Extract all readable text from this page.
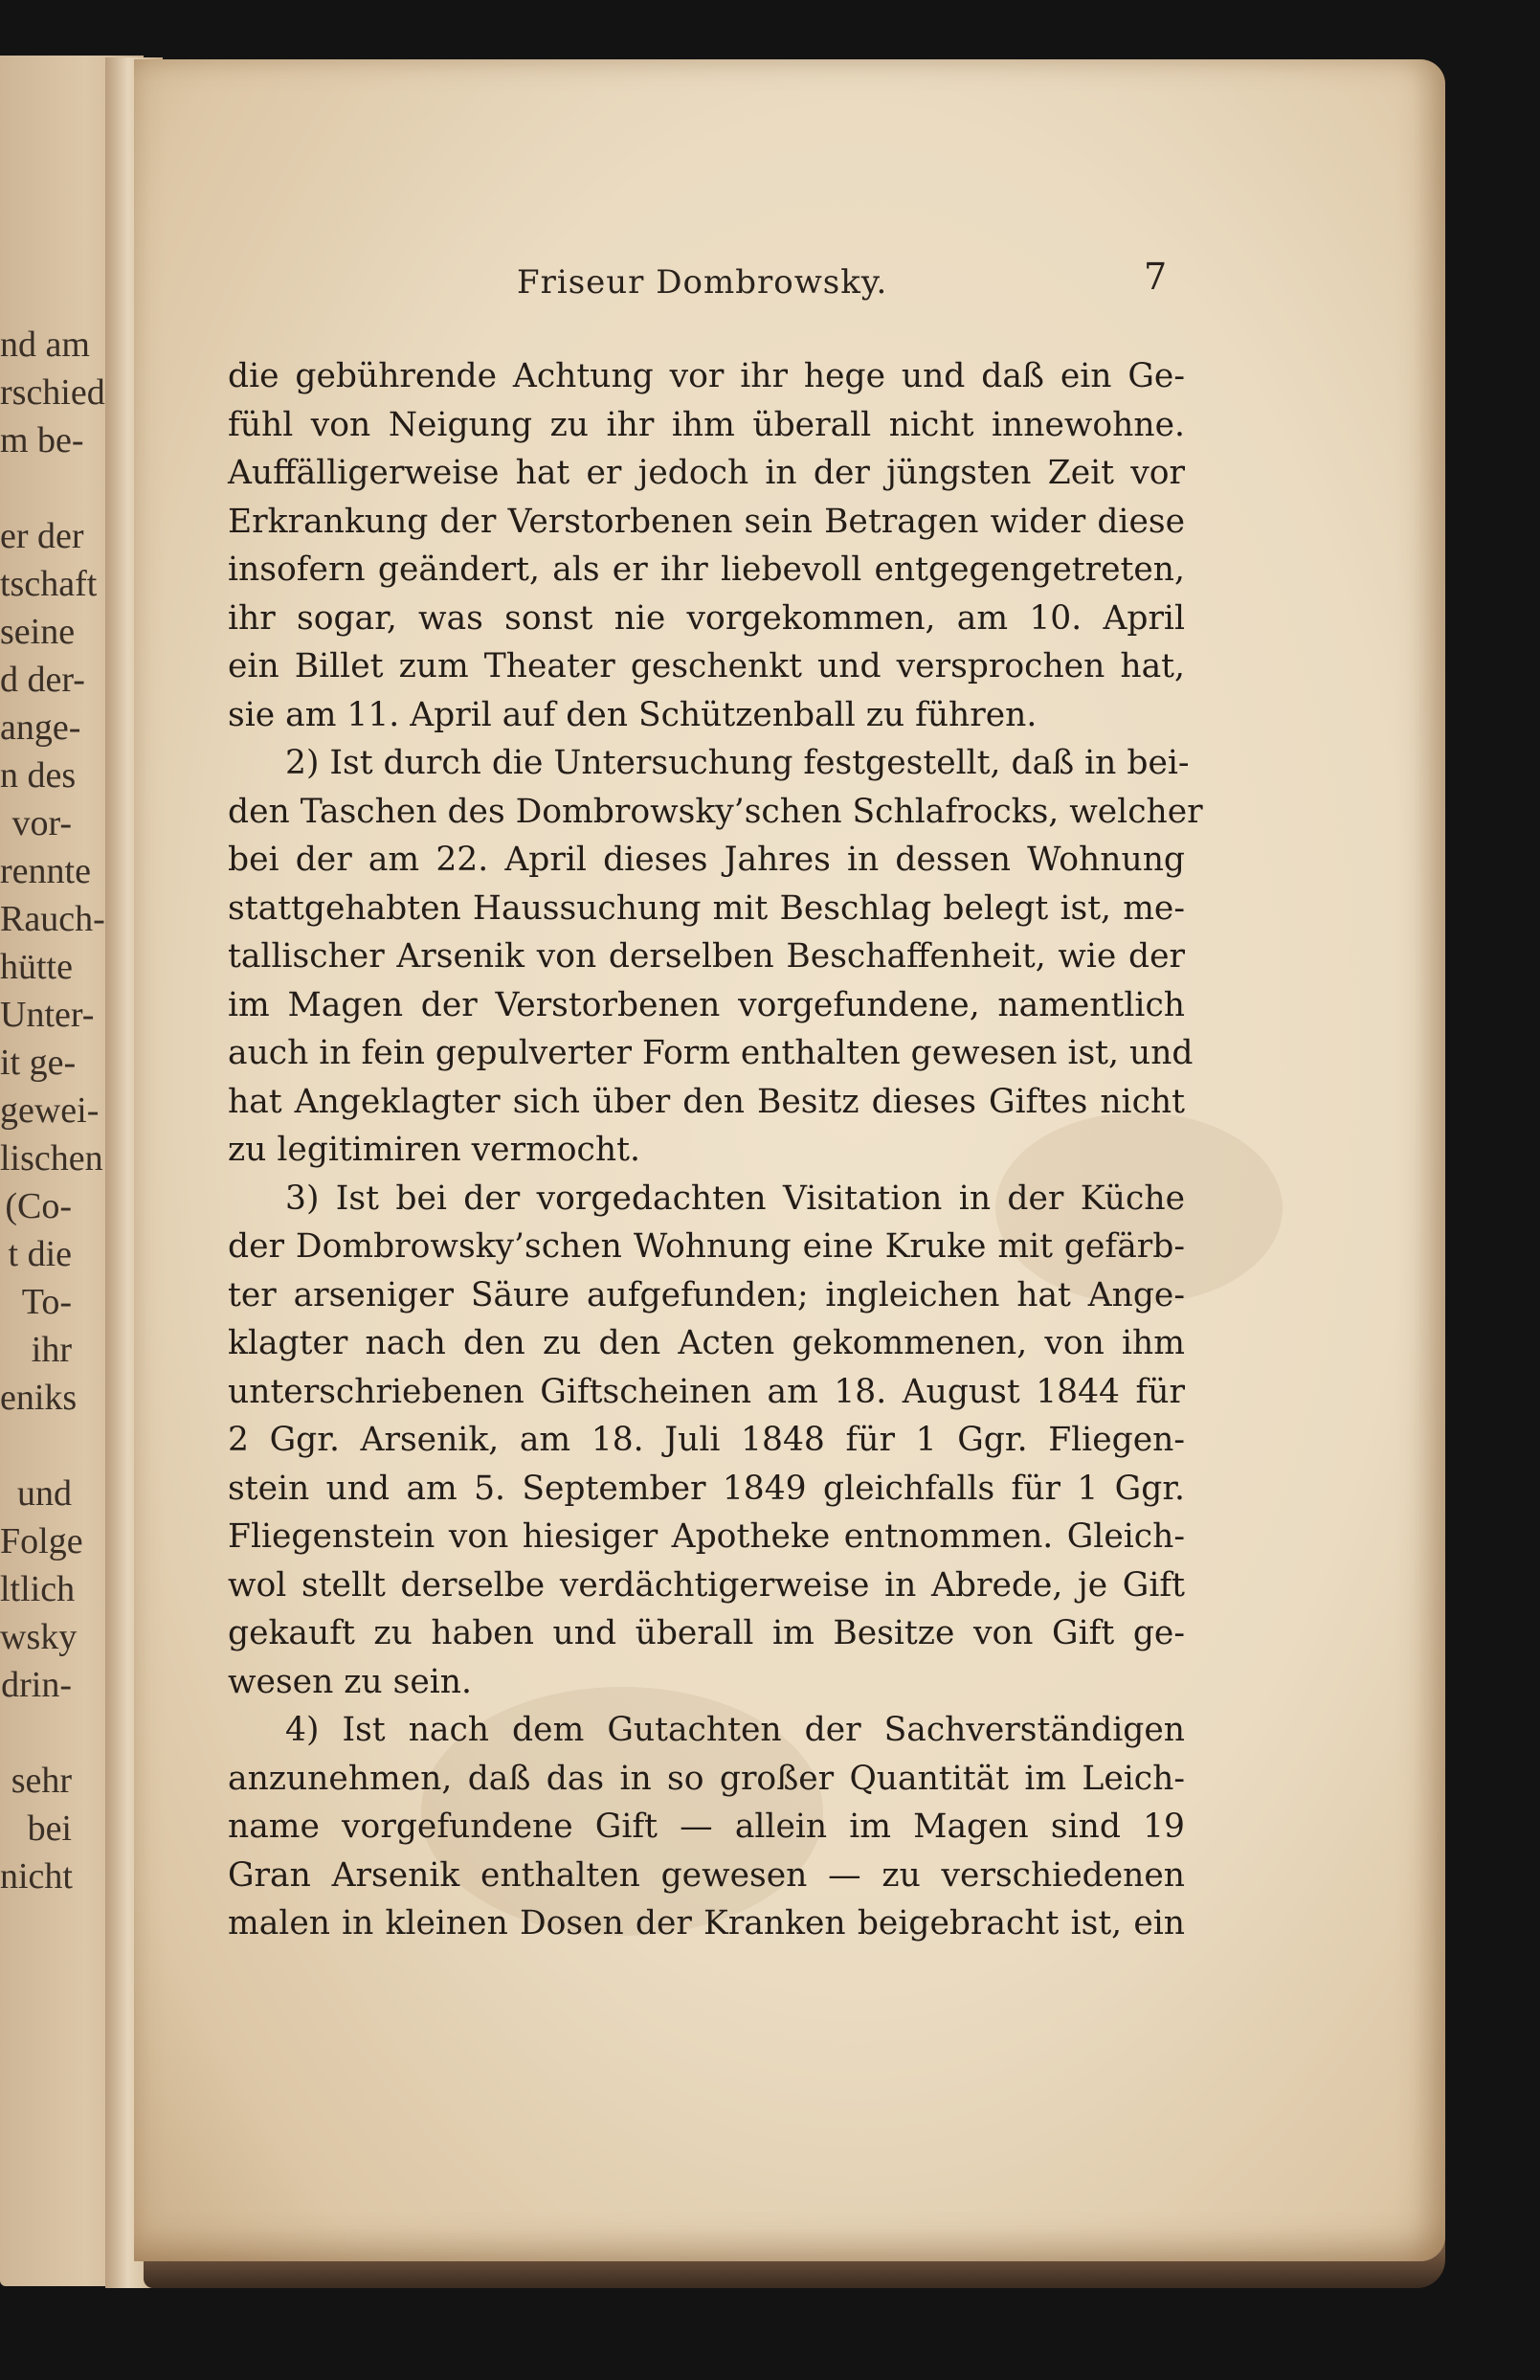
nd am
rschied
m be-
er der
tschaft
seine
d der-
ange-
n des
vor-
rennte
Rauch-
hütte
Unter-
it ge-
gewei-
lischen
(Co-
t die
To-
ihr
eniks
und
Folge
ltlich
wsky
drin-
sehr
bei
nicht
Friseur Dombrowsky.	7
die gebührende Achtung vor ihr hege und daß ein Ge-
fühl von Neigung zu ihr ihm überall nicht innewohne.
Auffälligerweise hat er jedoch in der jüngsten Zeit vor
Erkrankung der Verstorbenen sein Betragen wider diese
insofern geändert, als er ihr liebevoll entgegengetreten,
ihr sogar, was sonst nie vorgekommen, am 10. April
ein Billet zum Theater geschenkt und versprochen hat,
sie am 11. April auf den Schützenball zu führen.
2) Ist durch die Untersuchung festgestellt, daß in bei-
den Taschen des Dombrowsky’schen Schlafrocks, welcher
bei der am 22. April dieses Jahres in dessen Wohnung
stattgehabten Haussuchung mit Beschlag belegt ist, me-
tallischer Arsenik von derselben Beschaffenheit, wie der
im Magen der Verstorbenen vorgefundene, namentlich
auch in fein gepulverter Form enthalten gewesen ist, und
hat Angeklagter sich über den Besitz dieses Giftes nicht
zu legitimiren vermocht.
3) Ist bei der vorgedachten Visitation in der Küche
der Dombrowsky’schen Wohnung eine Kruke mit gefärb-
ter arseniger Säure aufgefunden; ingleichen hat Ange-
klagter nach den zu den Acten gekommenen, von ihm
unterschriebenen Giftscheinen am 18. August 1844 für
2 Ggr. Arsenik, am 18. Juli 1848 für 1 Ggr. Fliegen-
stein und am 5. September 1849 gleichfalls für 1 Ggr.
Fliegenstein von hiesiger Apotheke entnommen. Gleich-
wol stellt derselbe verdächtigerweise in Abrede, je Gift
gekauft zu haben und überall im Besitze von Gift ge-
wesen zu sein.
4) Ist nach dem Gutachten der Sachverständigen
anzunehmen, daß das in so großer Quantität im Leich-
name vorgefundene Gift — allein im Magen sind 19
Gran Arsenik enthalten gewesen — zu verschiedenen
malen in kleinen Dosen der Kranken beigebracht ist, ein
